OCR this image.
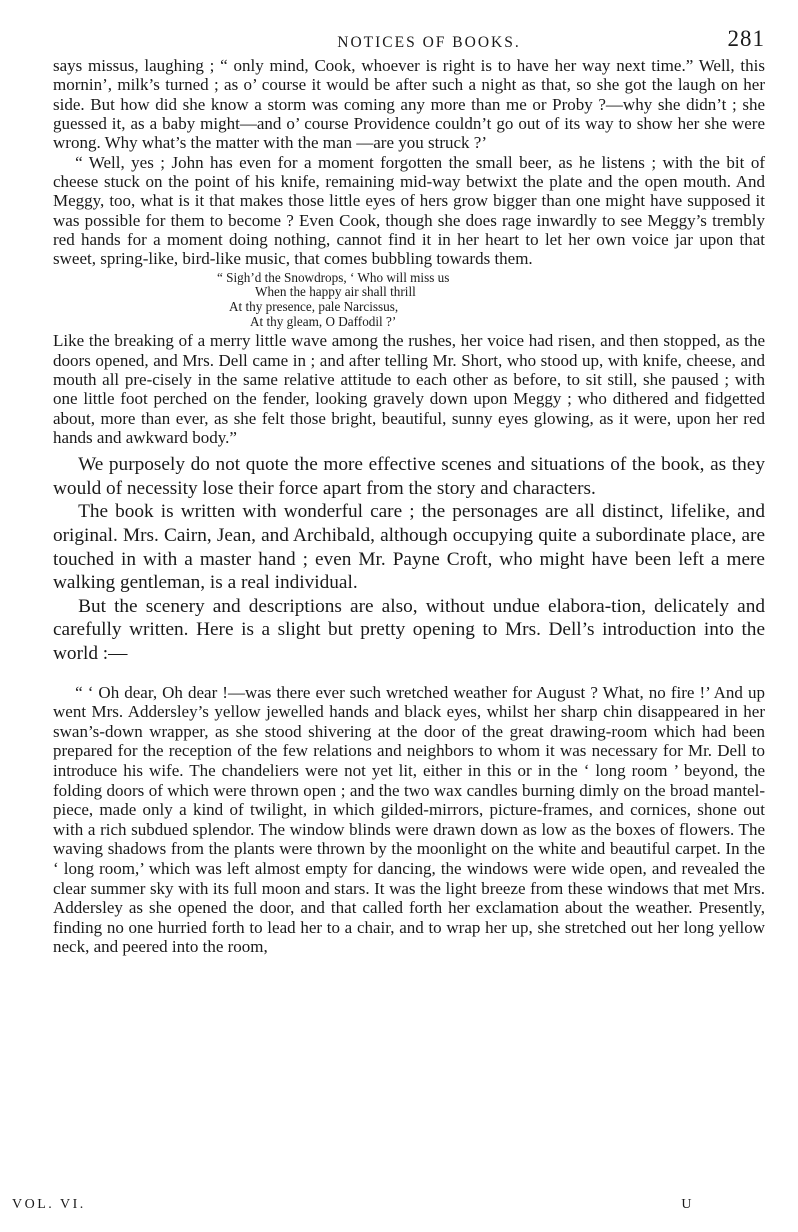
NOTICES OF BOOKS.	281

says missus, laughing ; “ only mind, Cook, whoever is right is to have her way next time.” Well, this mornin’, milk’s turned ; as o’ course it would be after such a night as that, so she got the laugh on her side. But how did she know a storm was coming any more than me or Proby ?—why she didn’t ; she guessed it, as a baby might—and o’ course Providence couldn’t go out of its way to show her she were wrong. Why what’s the matter with the man —are you struck ?’

“ Well, yes ; John has even for a moment forgotten the small beer, as he listens ; with the bit of cheese stuck on the point of his knife, remaining mid-way betwixt the plate and the open mouth. And Meggy, too, what is it that makes those little eyes of hers grow bigger than one might have supposed it was possible for them to become ? Even Cook, though she does rage inwardly to see Meggy’s trembly red hands for a moment doing nothing, cannot find it in her heart to let her own voice jar upon that sweet, spring-like, bird-like music, that comes bubbling towards them.

“ Sigh’d the Snowdrops, ‘ Who will miss us
When the happy air shall thrill
At thy presence, pale Narcissus,
At thy gleam, O Daffodil ?’

Like the breaking of a merry little wave among the rushes, her voice had risen, and then stopped, as the doors opened, and Mrs. Dell came in ; and after telling Mr. Short, who stood up, with knife, cheese, and mouth all pre-cisely in the same relative attitude to each other as before, to sit still, she paused ; with one little foot perched on the fender, looking gravely down upon Meggy ; who dithered and fidgetted about, more than ever, as she felt those bright, beautiful, sunny eyes glowing, as it were, upon her red hands and awkward body.”

We purposely do not quote the more effective scenes and situations of the book, as they would of necessity lose their force apart from the story and characters.

The book is written with wonderful care ; the personages are all distinct, lifelike, and original. Mrs. Cairn, Jean, and Archibald, although occupying quite a subordinate place, are touched in with a master hand ; even Mr. Payne Croft, who might have been left a mere walking gentleman, is a real individual.

But the scenery and descriptions are also, without undue elabora-tion, delicately and carefully written. Here is a slight but pretty opening to Mrs. Dell’s introduction into the world :—

“ ‘ Oh dear, Oh dear !—was there ever such wretched weather for August ? What, no fire !’ And up went Mrs. Addersley’s yellow jewelled hands and black eyes, whilst her sharp chin disappeared in her swan’s-down wrapper, as she stood shivering at the door of the great drawing-room which had been prepared for the reception of the few relations and neighbors to whom it was necessary for Mr. Dell to introduce his wife. The chandeliers were not yet lit, either in this or in the ‘ long room ’ beyond, the folding doors of which were thrown open ; and the two wax candles burning dimly on the broad mantel-piece, made only a kind of twilight, in which gilded-mirrors, picture-frames, and cornices, shone out with a rich subdued splendor. The window blinds were drawn down as low as the boxes of flowers. The waving shadows from the plants were thrown by the moonlight on the white and beautiful carpet. In the ‘ long room,’ which was left almost empty for dancing, the windows were wide open, and revealed the clear summer sky with its full moon and stars. It was the light breeze from these windows that met Mrs. Addersley as she opened the door, and that called forth her exclamation about the weather. Presently, finding no one hurried forth to lead her to a chair, and to wrap her up, she stretched out her long yellow neck, and peered into the room,

VOL. VI.	U
